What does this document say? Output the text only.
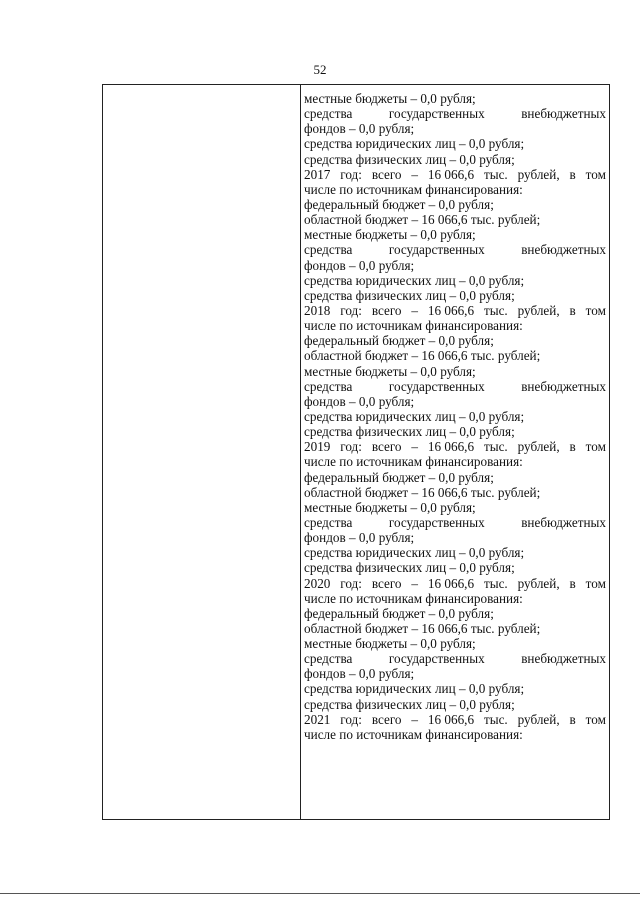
52
местные бюджеты – 0,0 рубля;
средства	государственных	внебюджетных
фондов – 0,0 рубля;
средства юридических лиц – 0,0 рубля;
средства физических лиц – 0,0 рубля;
2017 год: всего – 16 066,6 тыс. рублей, в том
числе по источникам финансирования:
федеральный бюджет – 0,0 рубля;
областной бюджет – 16 066,6 тыс. рублей;
местные бюджеты – 0,0 рубля;
средства	государственных	внебюджетных
фондов – 0,0 рубля;
средства юридических лиц – 0,0 рубля;
средства физических лиц – 0,0 рубля;
2018 год: всего – 16 066,6 тыс. рублей, в том
числе по источникам финансирования:
федеральный бюджет – 0,0 рубля;
областной бюджет – 16 066,6 тыс. рублей;
местные бюджеты – 0,0 рубля;
средства	государственных	внебюджетных
фондов – 0,0 рубля;
средства юридических лиц – 0,0 рубля;
средства физических лиц – 0,0 рубля;
2019 год: всего – 16 066,6 тыс. рублей, в том
числе по источникам финансирования:
федеральный бюджет – 0,0 рубля;
областной бюджет – 16 066,6 тыс. рублей;
местные бюджеты – 0,0 рубля;
средства	государственных	внебюджетных
фондов – 0,0 рубля;
средства юридических лиц – 0,0 рубля;
средства физических лиц – 0,0 рубля;
2020 год: всего – 16 066,6 тыс. рублей, в том
числе по источникам финансирования:
федеральный бюджет – 0,0 рубля;
областной бюджет – 16 066,6 тыс. рублей;
местные бюджеты – 0,0 рубля;
средства	государственных	внебюджетных
фондов – 0,0 рубля;
средства юридических лиц – 0,0 рубля;
средства физических лиц – 0,0 рубля;
2021 год: всего – 16 066,6 тыс. рублей, в том
числе по источникам финансирования:
